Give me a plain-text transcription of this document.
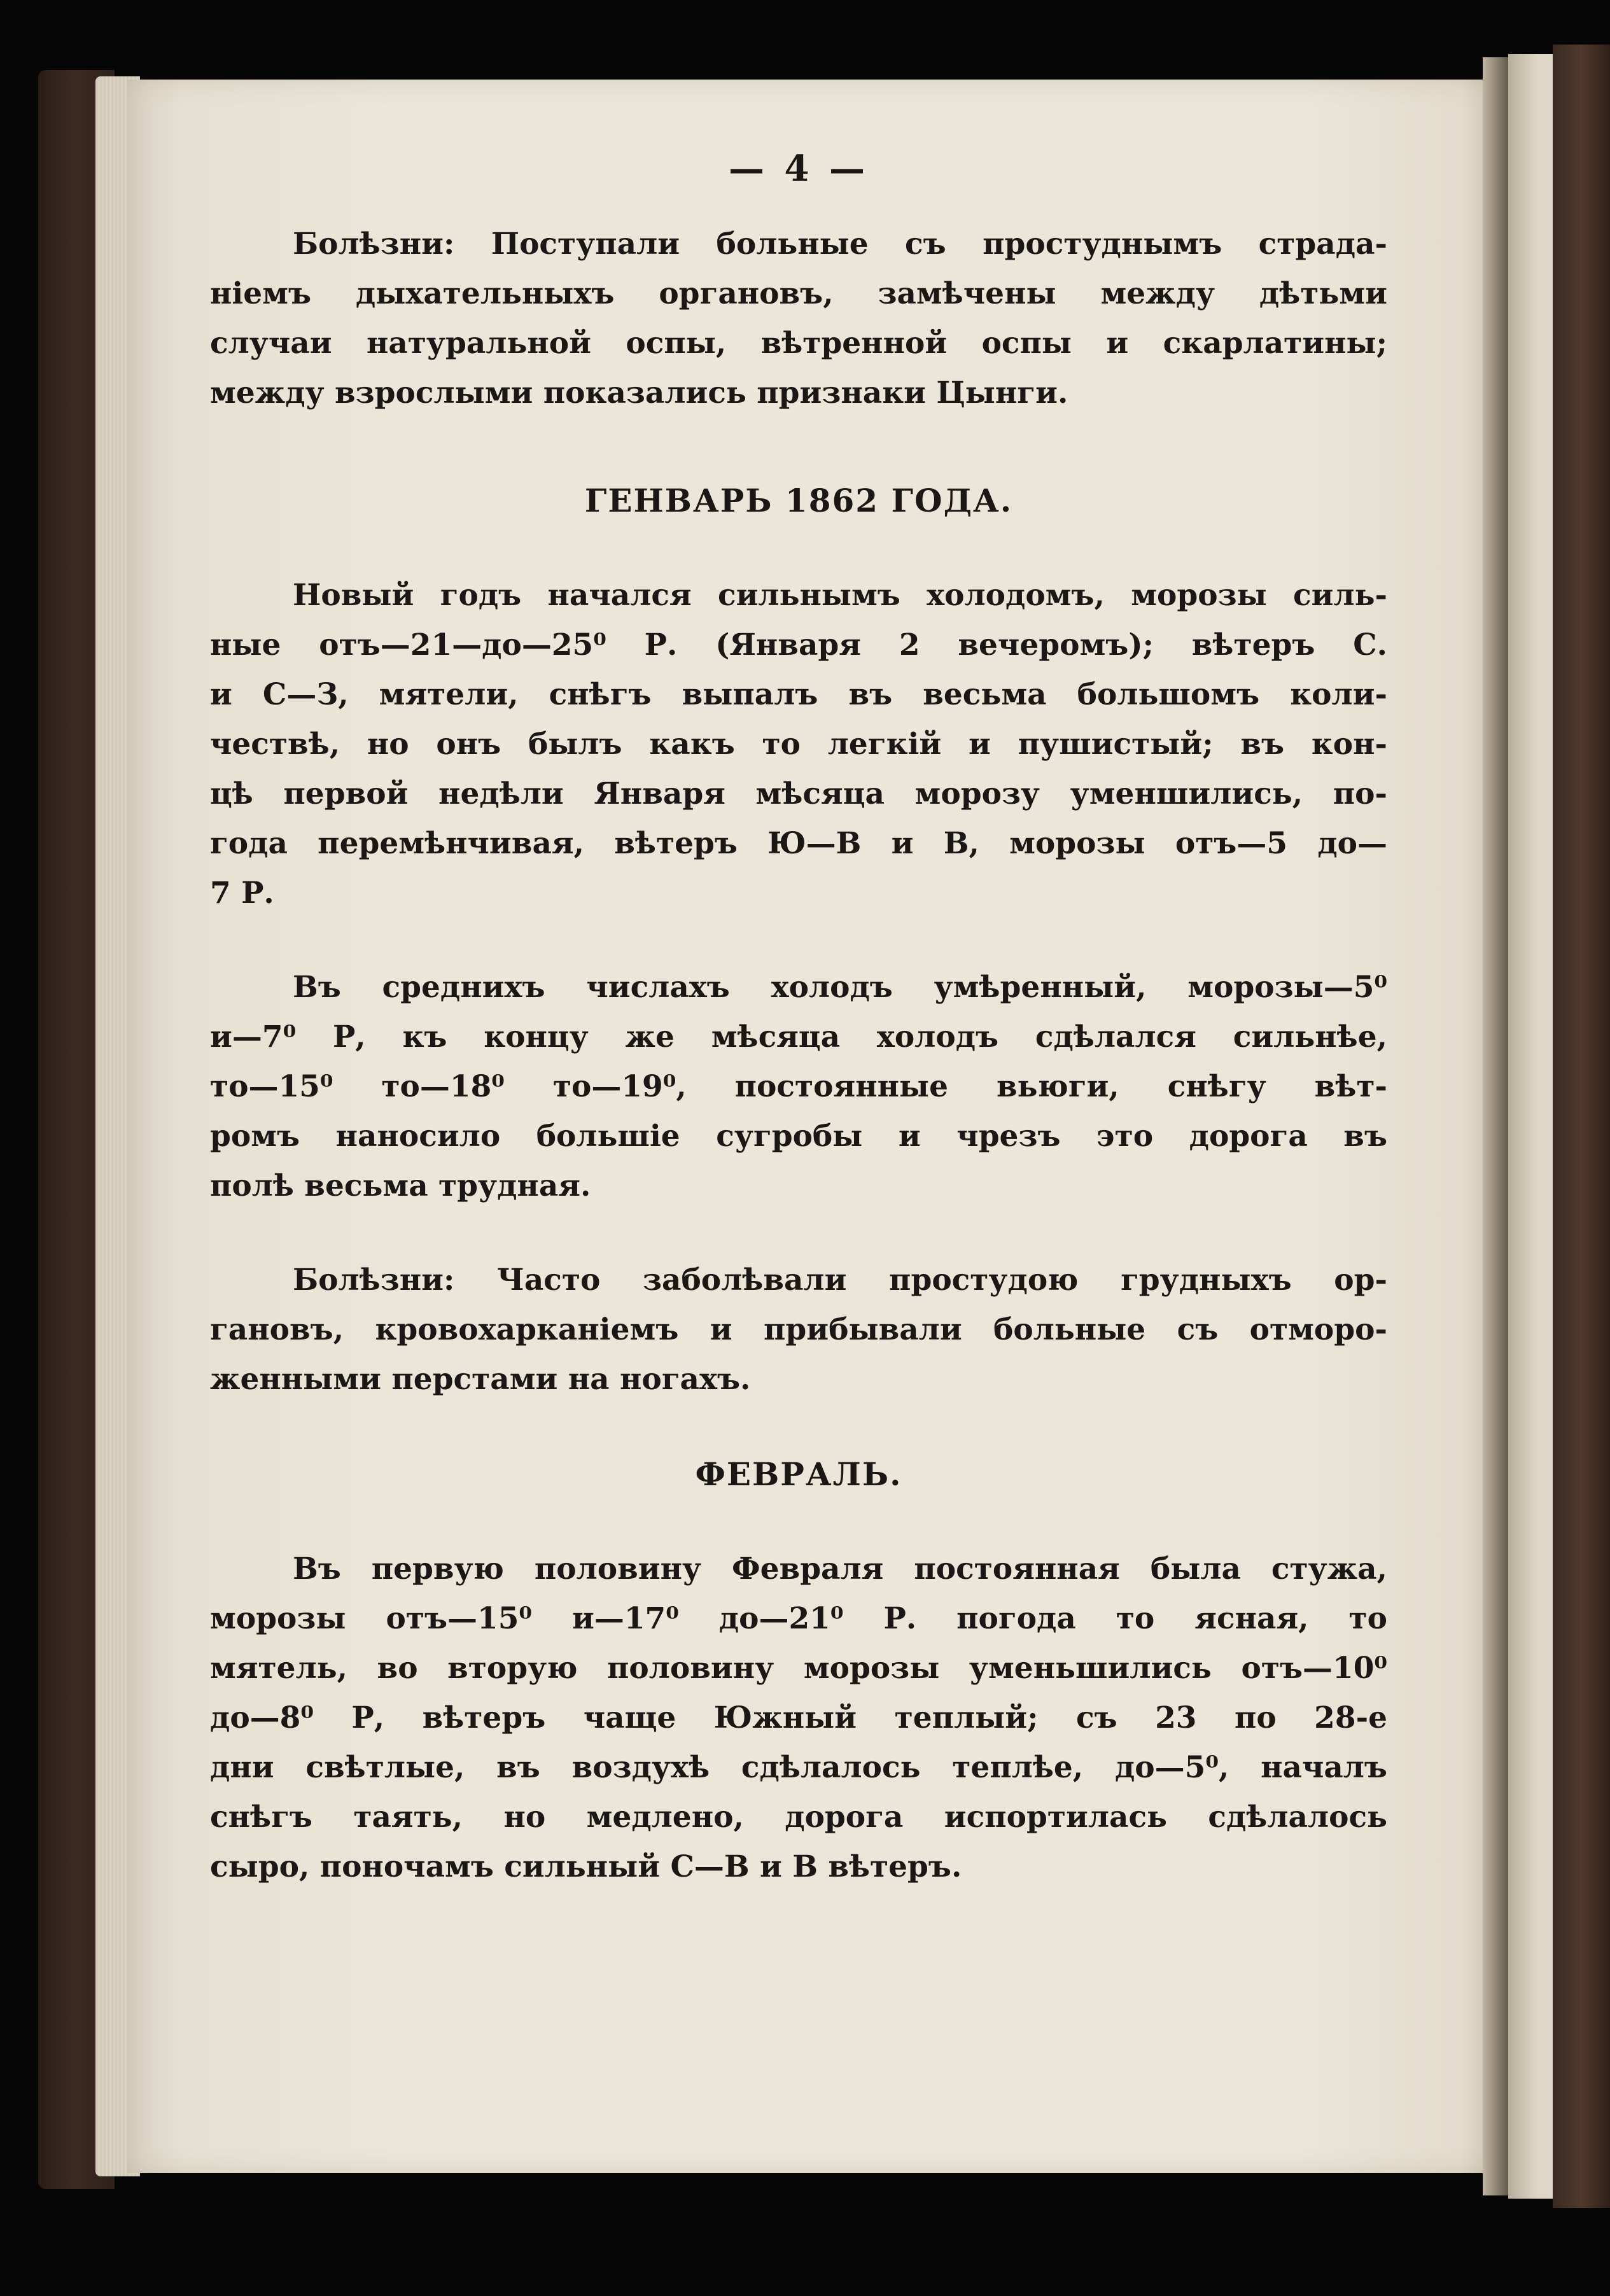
— 4 —
Болѣзни: Поступали больные съ простуднымъ страда-
ніемъ дыхательныхъ органовъ, замѣчены между дѣтьми
случаи натуральной оспы, вѣтренной оспы и скарлатины;
между взрослыми показались признаки Цынги.
ГЕНВАРЬ 1862 ГОДА.
Новый годъ начался сильнымъ холодомъ, морозы силь-
ные отъ—21—до—25⁰ Р. (Января 2 вечеромъ); вѣтеръ С.
и С—З, мятели, снѣгъ выпалъ въ весьма большомъ коли-
чествѣ, но онъ былъ какъ то легкій и пушистый; въ кон-
цѣ первой недѣли Января мѣсяца морозу уменшились, по-
года перемѣнчивая, вѣтеръ Ю—В и В, морозы отъ—5 до—
7 Р.
Въ среднихъ числахъ холодъ умѣренный, морозы—5⁰
и—7⁰ Р, къ концу же мѣсяца холодъ сдѣлался сильнѣе,
то—15⁰ то—18⁰ то—19⁰, постоянные вьюги, снѣгу вѣт-
ромъ наносило большіе сугробы и чрезъ это дорога въ
полѣ весьма трудная.
Болѣзни: Часто заболѣвали простудою грудныхъ ор-
гановъ, кровохарканіемъ и прибывали больные съ отморо-
женными перстами на ногахъ.
ФЕВРАЛЬ.
Въ первую половину Февраля постоянная была стужа,
морозы отъ—15⁰ и—17⁰ до—21⁰ Р. погода то ясная, то
мятель, во вторую половину морозы уменьшились отъ—10⁰
до—8⁰ Р, вѣтеръ чаще Южный теплый; съ 23 по 28-е
дни свѣтлые, въ воздухѣ сдѣлалось теплѣе, до—5⁰, началъ
снѣгъ таять, но медлено, дорога испортилась сдѣлалось
сыро, поночамъ сильный С—В и В вѣтеръ.
